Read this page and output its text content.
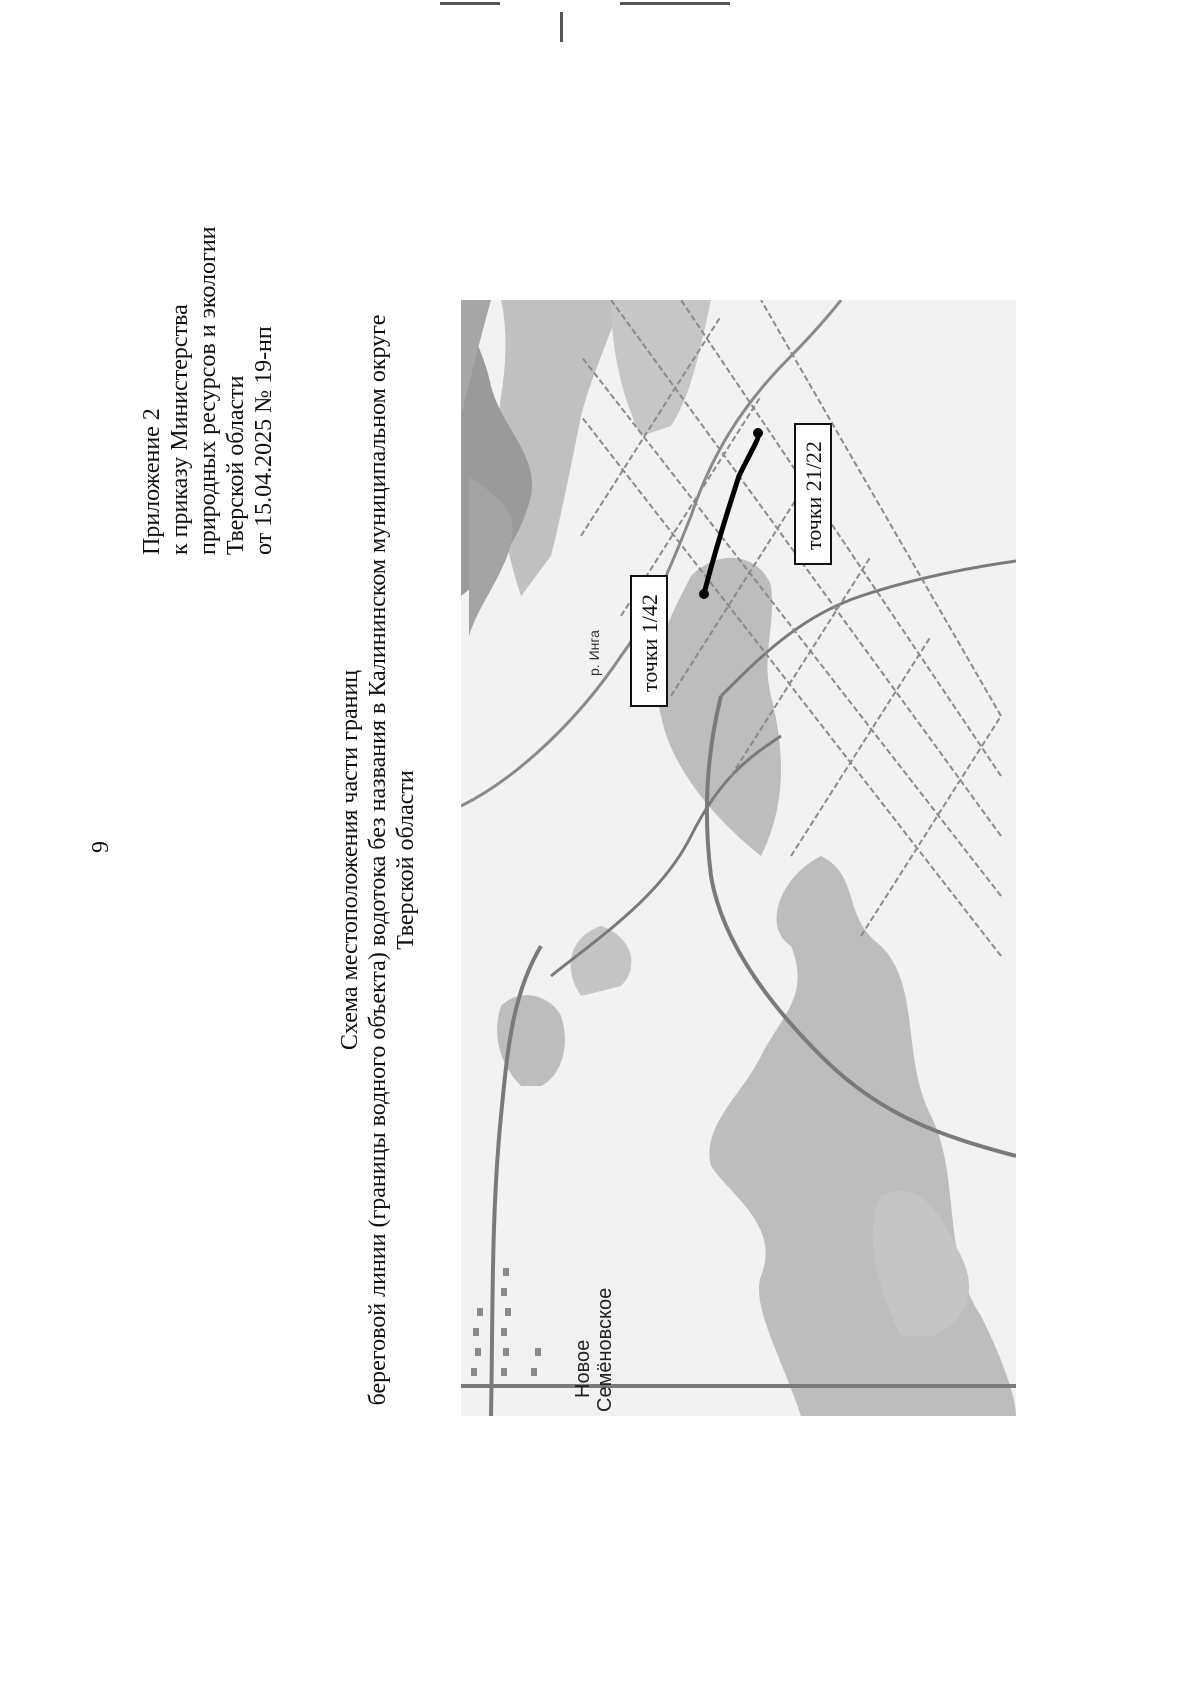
9
Приложение 2 к приказу Министерства природных ресурсов и экологии Тверской области от 15.04.2025 № 19-нп
Схема местоположения части границ береговой линии (границы водного объекта) водотока без названия в Калининском муниципальном округе Тверской области
Новое Семёновское
р. Инга точки 1/42
точки 21/22
